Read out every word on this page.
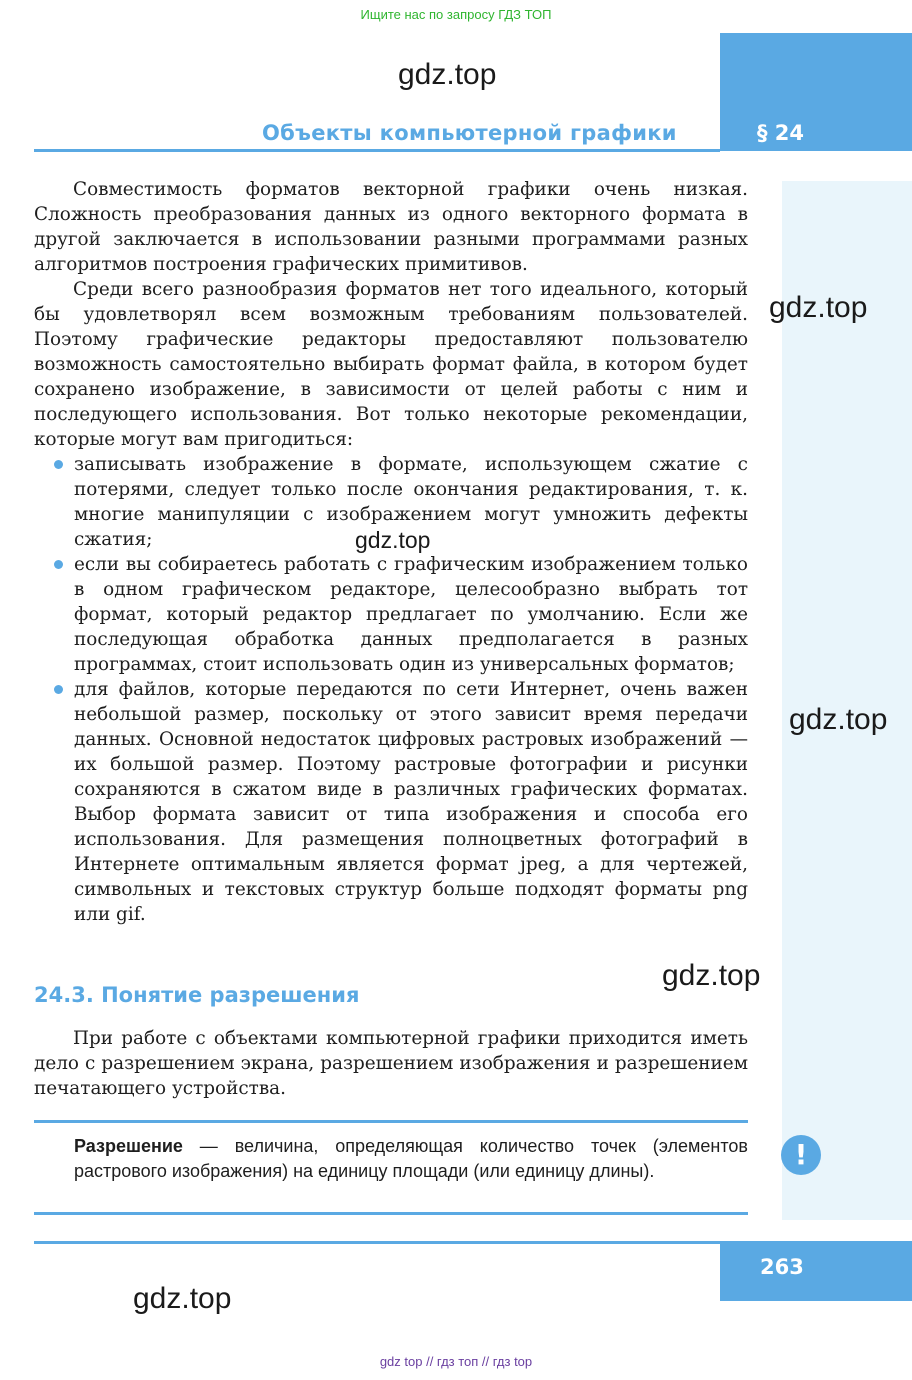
Ищите нас по запросу ГДЗ ТОП
gdz.top
Объекты компьютерной графики	§ 24

Совместимость форматов векторной графики очень низкая. Сложность преобразования данных из одного векторного формата в другой заключается в использовании разными программами разных алгоритмов построения графических примитивов.

Среди всего разнообразия форматов нет того идеального, который бы удовлетворял всем возможным требованиям пользователей. Поэтому графические редакторы предоставляют пользователю возможность самостоятельно выбирать формат файла, в котором будет сохранено изображение, в зависимости от целей работы с ним и последующего использования. Вот только некоторые рекомендации, которые могут вам пригодиться:

записывать изображение в формате, использующем сжатие с потерями, следует только после окончания редактирования, т. к. многие манипуляции с изображением могут умножить дефекты сжатия;
если вы собираетесь работать с графическим изображением только в одном графическом редакторе, целесообразно выбрать тот формат, который редактор предлагает по умолчанию. Если же последующая обработка данных предполагается в разных программах, стоит использовать один из универсальных форматов;
для файлов, которые передаются по сети Интернет, очень важен небольшой размер, поскольку от этого зависит время передачи данных. Основной недостаток цифровых растровых изображений — их большой размер. Поэтому растровые фотографии и рисунки сохраняются в сжатом виде в различных графических форматах. Выбор формата зависит от типа изображения и способа его использования. Для размещения полноцветных фотографий в Интернете оптимальным является формат jpeg, а для чертежей, символьных и текстовых структур больше подходят форматы png или gif.
gdz.top
gdz.top
gdz.top
gdz.top
24.3. Понятие разрешения

При работе с объектами компьютерной графики приходится иметь дело с разрешением экрана, разрешением изображения и разрешением печатающего устройства.

Разрешение — величина, определяющая количество точек (элементов растрового изображения) на единицу площади (или единицу длины).	!
263
gdz.top
gdz top // гдз топ // гдз top
